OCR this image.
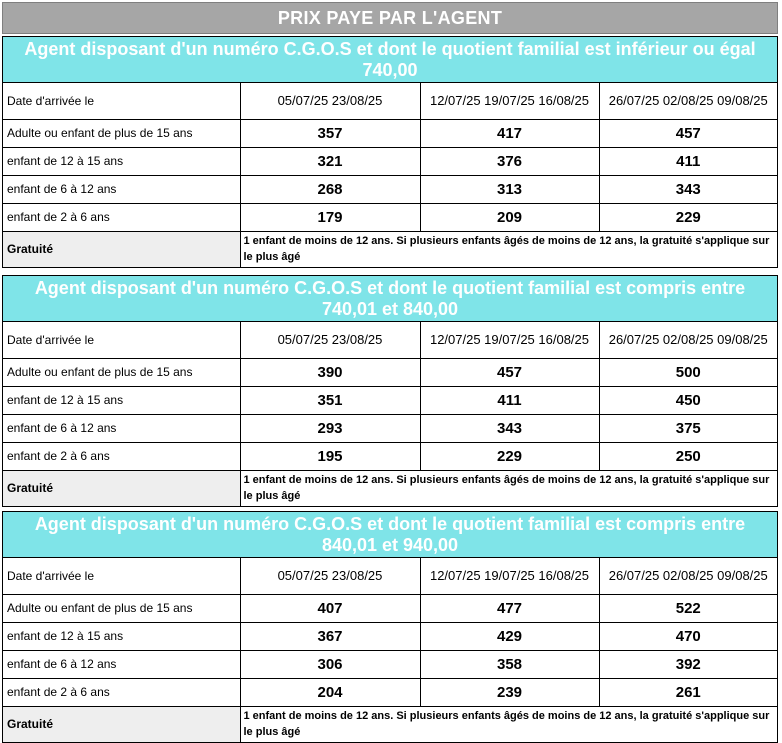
PRIX PAYE PAR L'AGENT
Agent disposant d'un numéro C.G.O.S et dont le quotient familial est inférieur ou égal 740,00
Date d'arrivée le	05/07/25 23/08/25	12/07/25 19/07/25 16/08/25	26/07/25 02/08/25 09/08/25
Adulte ou enfant de plus de 15 ans	357	417	457
enfant de 12 à 15 ans	321	376	411
enfant de 6 à 12 ans	268	313	343
enfant de 2 à 6 ans	179	209	229
Gratuité	1 enfant de moins de 12 ans. Si plusieurs enfants âgés de moins de 12 ans, la gratuité s'applique sur le plus âgé		
Agent disposant d'un numéro C.G.O.S et dont le quotient familial est compris entre 740,01 et 840,00
Date d'arrivée le	05/07/25 23/08/25	12/07/25 19/07/25 16/08/25	26/07/25 02/08/25 09/08/25
Adulte ou enfant de plus de 15 ans	390	457	500
enfant de 12 à 15 ans	351	411	450
enfant de 6 à 12 ans	293	343	375
enfant de 2 à 6 ans	195	229	250
Gratuité	1 enfant de moins de 12 ans. Si plusieurs enfants âgés de moins de 12 ans, la gratuité s'applique sur le plus âgé		
Agent disposant d'un numéro C.G.O.S et dont le quotient familial est compris entre 840,01 et 940,00
Date d'arrivée le	05/07/25 23/08/25	12/07/25 19/07/25 16/08/25	26/07/25 02/08/25 09/08/25
Adulte ou enfant de plus de 15 ans	407	477	522
enfant de 12 à 15 ans	367	429	470
enfant de 6 à 12 ans	306	358	392
enfant de 2 à 6 ans	204	239	261
Gratuité	1 enfant de moins de 12 ans. Si plusieurs enfants âgés de moins de 12 ans, la gratuité s'applique sur le plus âgé		
